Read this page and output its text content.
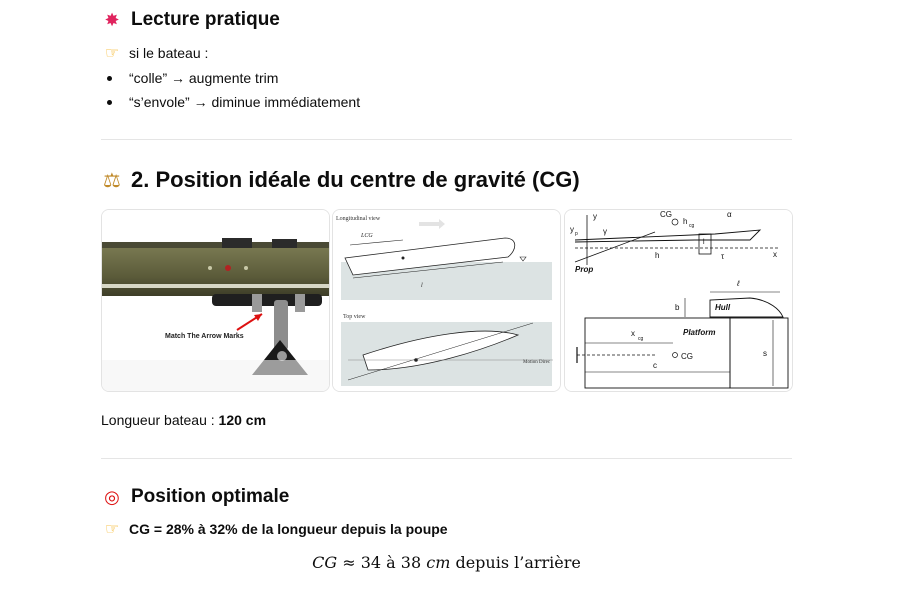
✸ Lecture pratique
☞ si le bateau :
“colle” → augmente trim
“s’envole” → diminue immédiatement
⚖ 2. Position idéale du centre de gravité (CG)
Match The Arrow Marks
Longitudinal view
LCG
l
Top view
Motion Direc
y	CG
h cg
α
y p	γ
h
l
τ	x
Prop
ℓ
b	Hull
x
cg
Platform
CG	s
c
Longueur bateau : 120 cm
◎ Position optimale
☞ CG = 28% à 32% de la longueur depuis la poupe
CG ≈ 34 à 38 cm depuis l’arrière
